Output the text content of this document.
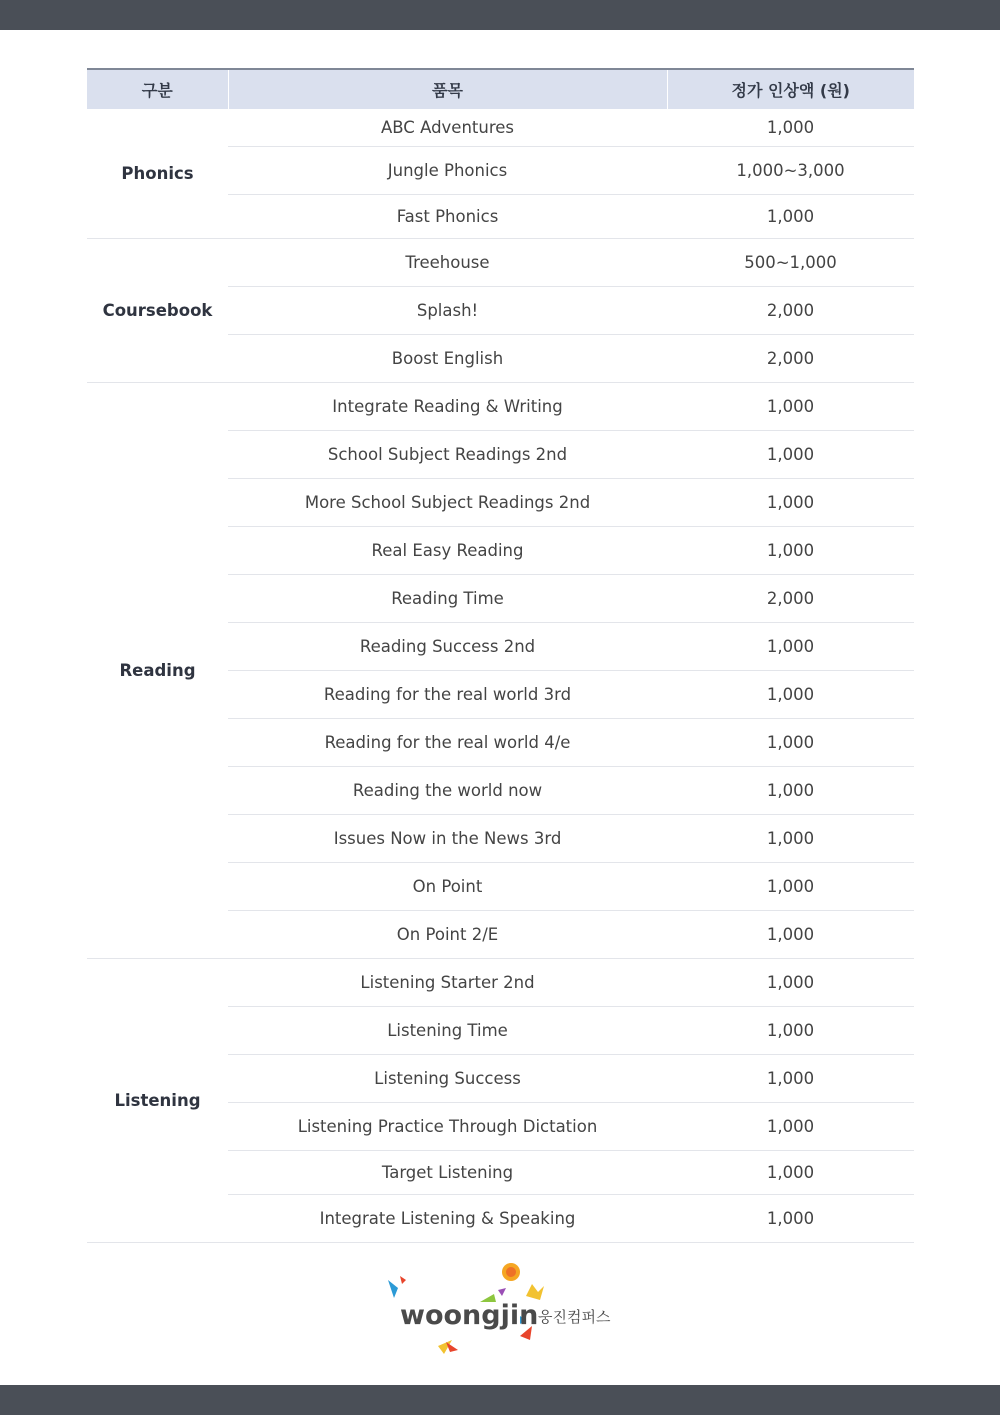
구분	품목	정가 인상액 (원)
Phonics	ABC Adventures	1,000
	Jungle Phonics	1,000~3,000
	Fast Phonics	1,000
Coursebook	Treehouse	500~1,000
	Splash!	2,000
	Boost English	2,000
Reading	Integrate Reading & Writing	1,000
	School Subject Readings 2nd	1,000
	More School Subject Readings 2nd	1,000
	Real Easy Reading	1,000
	Reading Time	2,000
	Reading Success 2nd	1,000
	Reading for the real world 3rd	1,000
	Reading for the real world 4/e	1,000
	Reading the world now	1,000
	Issues Now in the News 3rd	1,000
	On Point	1,000
	On Point 2/E	1,000
Listening	Listening Starter 2nd	1,000
	Listening Time	1,000
	Listening Success	1,000
	Listening Practice Through Dictation	1,000
	Target Listening	1,000
	Integrate Listening & Speaking	1,000
woongjin 웅진컴퍼스
